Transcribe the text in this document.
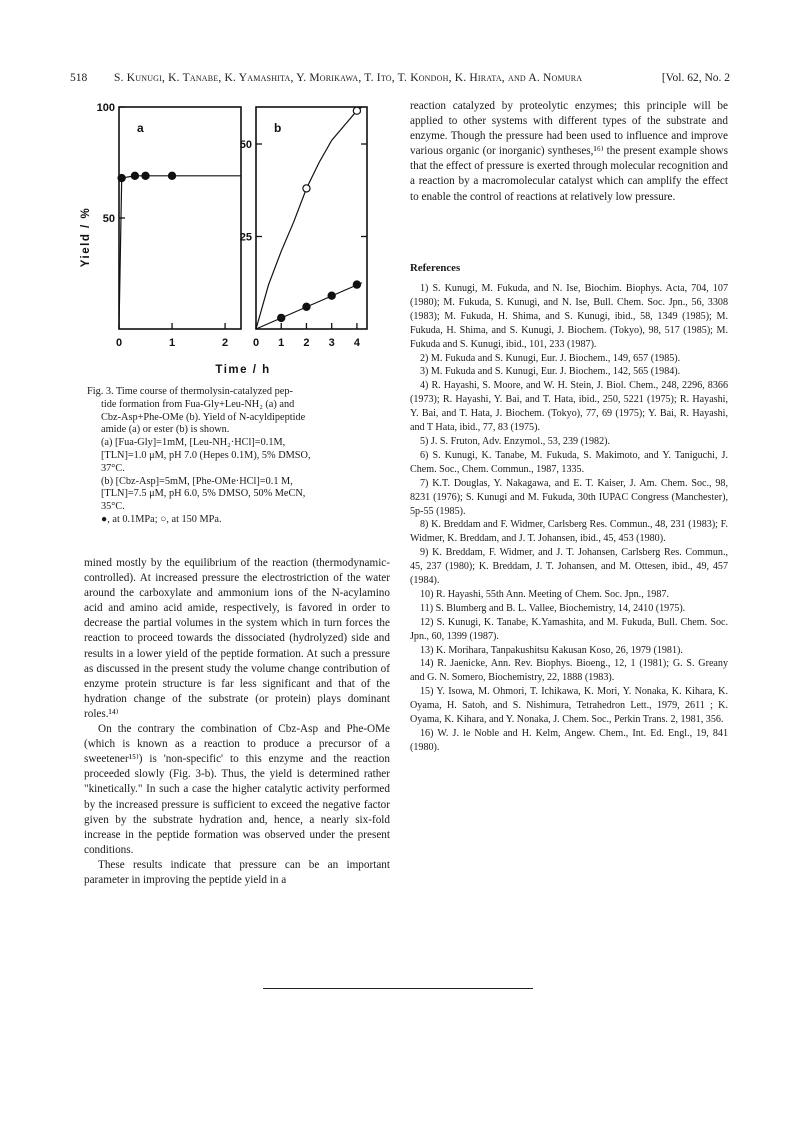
518 S. Kunugi, K. Tanabe, K. Yamashita, Y. Morikawa, T. Ito, T. Kondoh, K. Hirata, and A. Nomura	[Vol. 62, No. 2
a
0	1	2
50
100
b
0 1 2 3 4
25
50
Yield / %
Time / h
Fig. 3. Time course of thermolysin-catalyzed pep-
tide formation from Fua-Gly+Leu-NH₂ (a) and
Cbz-Asp+Phe-OMe (b). Yield of N-acyldipeptide
amide (a) or ester (b) is shown.
(a) [Fua-Gly]=1mM, [Leu-NH₂·HCl]=0.1M,
[TLN]=1.0 μM, pH 7.0 (Hepes 0.1M), 5% DMSO,
37°C.
(b) [Cbz-Asp]=5mM, [Phe-OMe·HCl]=0.1 M,
[TLN]=7.5 μM, pH 6.0, 5% DMSO, 50% MeCN,
35°C.
●, at 0.1MPa; ○, at 150 MPa.

mined mostly by the equilibrium of the reaction (thermodynamic-controlled). At increased pressure the electrostriction of the water around the carboxylate and ammonium ions of the N-acylamino acid and amino acid amide, respectively, is favored in order to decrease the partial volumes in the system which in turn forces the reaction to proceed towards the dissociated (hydrolyzed) side and results in a lower yield of the peptide formation. At such a pressure as discussed in the present study the volume change contribution of enzyme protein structure is far less significant and that of the hydration change of the substrate (or protein) plays dominant roles.¹⁴⁾

On the contrary the combination of Cbz-Asp and Phe-OMe (which is known as a reaction to produce a precursor of a sweetener¹⁵⁾) is 'non-specific' to this enzyme and the reaction proceeded slowly (Fig. 3-b). Thus, the yield is determined rather "kinetically." In such a case the higher catalytic activity performed by the increased pressure is sufficient to exceed the negative factor given by the substrate hydration and, hence, a nearly six-fold increase in the peptide formation was observed under the present conditions.

These results indicate that pressure can be an important parameter in improving the peptide yield in a

reaction catalyzed by proteolytic enzymes; this principle will be applied to other systems with different types of the substrate and enzyme. Though the pressure had been used to influence and improve various organic (or inorganic) syntheses,¹⁶⁾ the present example shows that the effect of pressure is exerted through molecular recognition and a reaction by a macromolecular catalyst which can amplify the effect to enable the control of reactions at relatively low pressure.

References

1) S. Kunugi, M. Fukuda, and N. Ise, Biochim. Biophys. Acta, 704, 107 (1980); M. Fukuda, S. Kunugi, and N. Ise, Bull. Chem. Soc. Jpn., 56, 3308 (1983); M. Fukuda, H. Shima, and S. Kunugi, ibid., 58, 1349 (1985); M. Fukuda, H. Shima, and S. Kunugi, J. Biochem. (Tokyo), 98, 517 (1985); M. Fukuda and S. Kunugi, ibid., 101, 233 (1987).

2) M. Fukuda and S. Kunugi, Eur. J. Biochem., 149, 657 (1985).

3) M. Fukuda and S. Kunugi, Eur. J. Biochem., 142, 565 (1984).

4) R. Hayashi, S. Moore, and W. H. Stein, J. Biol. Chem., 248, 2296, 8366 (1973); R. Hayashi, Y. Bai, and T. Hata, ibid., 250, 5221 (1975); R. Hayashi, Y. Bai, and T. Hata, J. Biochem. (Tokyo), 77, 69 (1975); Y. Bai, R. Hayashi, and T Hata, ibid., 77, 83 (1975).

5) J. S. Fruton, Adv. Enzymol., 53, 239 (1982).

6) S. Kunugi, K. Tanabe, M. Fukuda, S. Makimoto, and Y. Taniguchi, J. Chem. Soc., Chem. Commun., 1987, 1335.

7) K.T. Douglas, Y. Nakagawa, and E. T. Kaiser, J. Am. Chem. Soc., 98, 8231 (1976); S. Kunugi and M. Fukuda, 30th IUPAC Congress (Manchester), 5p-55 (1985).

8) K. Breddam and F. Widmer, Carlsberg Res. Commun., 48, 231 (1983); F. Widmer, K. Breddam, and J. T. Johansen, ibid., 45, 453 (1980).

9) K. Breddam, F. Widmer, and J. T. Johansen, Carlsberg Res. Commun., 45, 237 (1980); K. Breddam, J. T. Johansen, and M. Ottesen, ibid., 49, 457 (1984).

10) R. Hayashi, 55th Ann. Meeting of Chem. Soc. Jpn., 1987.

11) S. Blumberg and B. L. Vallee, Biochemistry, 14, 2410 (1975).

12) S. Kunugi, K. Tanabe, K.Yamashita, and M. Fukuda, Bull. Chem. Soc. Jpn., 60, 1399 (1987).

13) K. Morihara, Tanpakushitsu Kakusan Koso, 26, 1979 (1981).

14) R. Jaenicke, Ann. Rev. Biophys. Bioeng., 12, 1 (1981); G. S. Greany and G. N. Somero, Biochemistry, 22, 1888 (1983).

15) Y. Isowa, M. Ohmori, T. Ichikawa, K. Mori, Y. Nonaka, K. Kihara, K. Oyama, H. Satoh, and S. Nishimura, Tetrahedron Lett., 1979, 2611 ; K. Oyama, K. Kihara, and Y. Nonaka, J. Chem. Soc., Perkin Trans. 2, 1981, 356.

16) W. J. le Noble and H. Kelm, Angew. Chem., Int. Ed. Engl., 19, 841 (1980).
